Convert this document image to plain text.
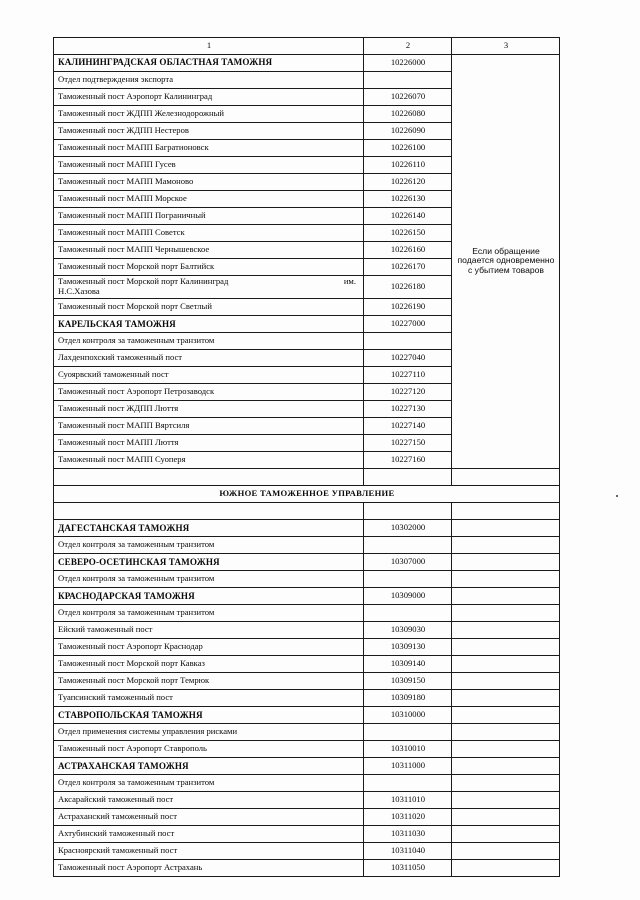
1	2	3
КАЛИНИНГРАДСКАЯ ОБЛАСТНАЯ ТАМОЖНЯ	10226000	Если обращение подается одновременно с убытием товаров
Отдел подтверждения экспорта		
Таможенный пост Аэропорт Калининград	10226070	
Таможенный пост ЖДПП Железнодорожный	10226080	
Таможенный пост ЖДПП Нестеров	10226090	
Таможенный пост МАПП Багратионовск	10226100	
Таможенный пост МАПП Гусев	10226110	
Таможенный пост МАПП Мамоново	10226120	
Таможенный пост МАПП Морское	10226130	
Таможенный пост МАПП Пограничный	10226140	
Таможенный пост МАПП Советск	10226150	
Таможенный пост МАПП Чернышевское	10226160	
Таможенный пост Морской порт Балтийск	10226170	

Таможенный пост Морской порт Калининград им.
Н.С.Хазова	10226180	
Таможенный пост Морской порт Светлый	10226190	
КАРЕЛЬСКАЯ ТАМОЖНЯ	10227000	
Отдел контроля за таможенным транзитом		
Лахденпохский таможенный пост	10227040	
Суоярвский таможенный пост	10227110	
Таможенный пост Аэропорт Петрозаводск	10227120	
Таможенный пост ЖДПП Люття	10227130	
Таможенный пост МАПП Вяртсиля	10227140	
Таможенный пост МАПП Люття	10227150	
Таможенный пост МАПП Суоперя	10227160	

ЮЖНОЕ ТАМОЖЕННОЕ УПРАВЛЕНИЕ		

ДАГЕСТАНСКАЯ ТАМОЖНЯ	10302000	
Отдел контроля за таможенным транзитом		
СЕВЕРО-ОСЕТИНСКАЯ ТАМОЖНЯ	10307000	
Отдел контроля за таможенным транзитом		
КРАСНОДАРСКАЯ ТАМОЖНЯ	10309000	
Отдел контроля за таможенным транзитом		
Ейский таможенный пост	10309030	
Таможенный пост Аэропорт Краснодар	10309130	
Таможенный пост Морской порт Кавказ	10309140	
Таможенный пост Морской порт Темрюк	10309150	
Туапсинский таможенный пост	10309180	
СТАВРОПОЛЬСКАЯ ТАМОЖНЯ	10310000	
Отдел применения системы управления рисками		
Таможенный пост Аэропорт Ставрополь	10310010	
АСТРАХАНСКАЯ ТАМОЖНЯ	10311000	
Отдел контроля за таможенным транзитом		
Аксарайский таможенный пост	10311010	
Астраханский таможенный пост	10311020	
Ахтубинский таможенный пост	10311030	
Красноярский таможенный пост	10311040	
Таможенный пост Аэропорт Астрахань	10311050	
